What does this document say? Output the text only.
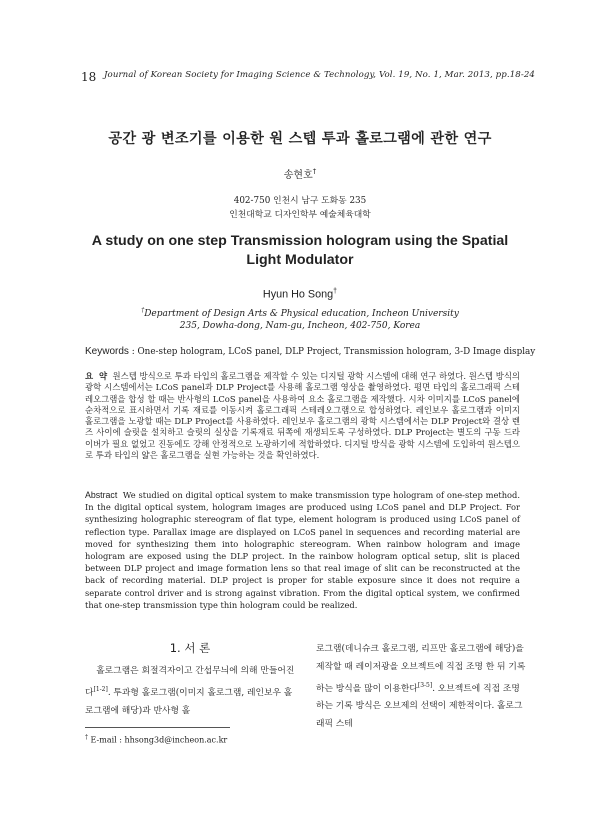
18 Journal of Korean Society for Imaging Science & Technology, Vol. 19, No. 1, Mar. 2013, pp.18-24
공간 광 변조기를 이용한 원 스텝 투과 홀로그램에 관한 연구
송현호†
402-750 인천시 남구 도화동 235
인천대학교 디자인학부 예술체육대학
A study on one step Transmission hologram using the Spatial
Light Modulator
Hyun Ho Song†
†Department of Design Arts & Physical education, Incheon University
235, Dowha-dong, Nam-gu, Incheon, 402-750, Korea
Keywords : One-step hologram, LCoS panel, DLP Project, Transmission hologram, 3-D Image display
요  약  원스텝 방식으로 투과 타입의 홀로그램을 제작할 수 있는 디지털 광학 시스템에 대해 연구 하였다. 원스텝 방식의 광학 시스템에서는 LCoS panel과 DLP Project를 사용해 홀로그램 영상을 촬영하였다. 평면 타입의 홀로그래픽 스테레오그램을 합성 할 때는 반사형의 LCoS panel을 사용하여 요소 홀로그램을 제작했다. 시차 이미지를 LCoS panel에 순차적으로 표시하면서 기록 재료를 이동시켜 홀로그래픽 스테레오그램으로 합성하였다. 레인보우 홀로그램과 이미지 홀로그램을 노광할 때는 DLP Project를 사용하였다. 레인보우 홀로그램의 광학 시스템에서는 DLP Project와 결상 렌즈 사이에 슬릿을 설치하고 슬릿의 실상을 기록재료 뒤쪽에 재생되도록 구성하였다. DLP Project는 별도의 구동 드라이버가 필요 없었고 진동에도 강해 안정적으로 노광하기에 적합하였다. 디지털 방식을 광학 시스템에 도입하여 원스텝으로 투과 타입의 얇은 홀로그램을 실현 가능하는 것을 확인하였다.
Abstract  We studied on digital optical system to make transmission type hologram of one-step method. In the digital optical system, hologram images are produced using LCoS panel and DLP Project. For synthesizing holographic stereogram of flat type, element hologram is produced using LCoS panel of reflection type. Parallax image are displayed on LCoS panel in sequences and recording material are moved for synthesizing them into holographic stereogram. When rainbow hologram and image hologram are exposed using the DLP project. In the rainbow hologram optical setup, slit is placed between DLP project and image formation lens so that real image of slit can be reconstructed at the back of recording material. DLP project is proper for stable exposure since it does not require a separate control driver and is strong against vibration. From the digital optical system, we confirmed that one-step transmission type thin hologram could be realized.
1. 서 론
홀로그램은 회절격자이고 간섭무늬에 의해 만들어진다[1-2]. 투과형 홀로그램(이미지 홀로그램, 레인보우 홀로그램에 해당)과 반사형 홀
로그램(데니슈크 홀로그램, 리프만 홀로그램에 해당)을 제작할 때 레이저광을 오브젝트에 직접 조명 한 뒤 기록하는 방식을 많이 이용한다[3-5]. 오브젝트에 직접 조명하는 기록 방식은 오브제의 선택이 제한적이다. 홀로그래픽 스테
† E-mail : hhsong3d@incheon.ac.kr
